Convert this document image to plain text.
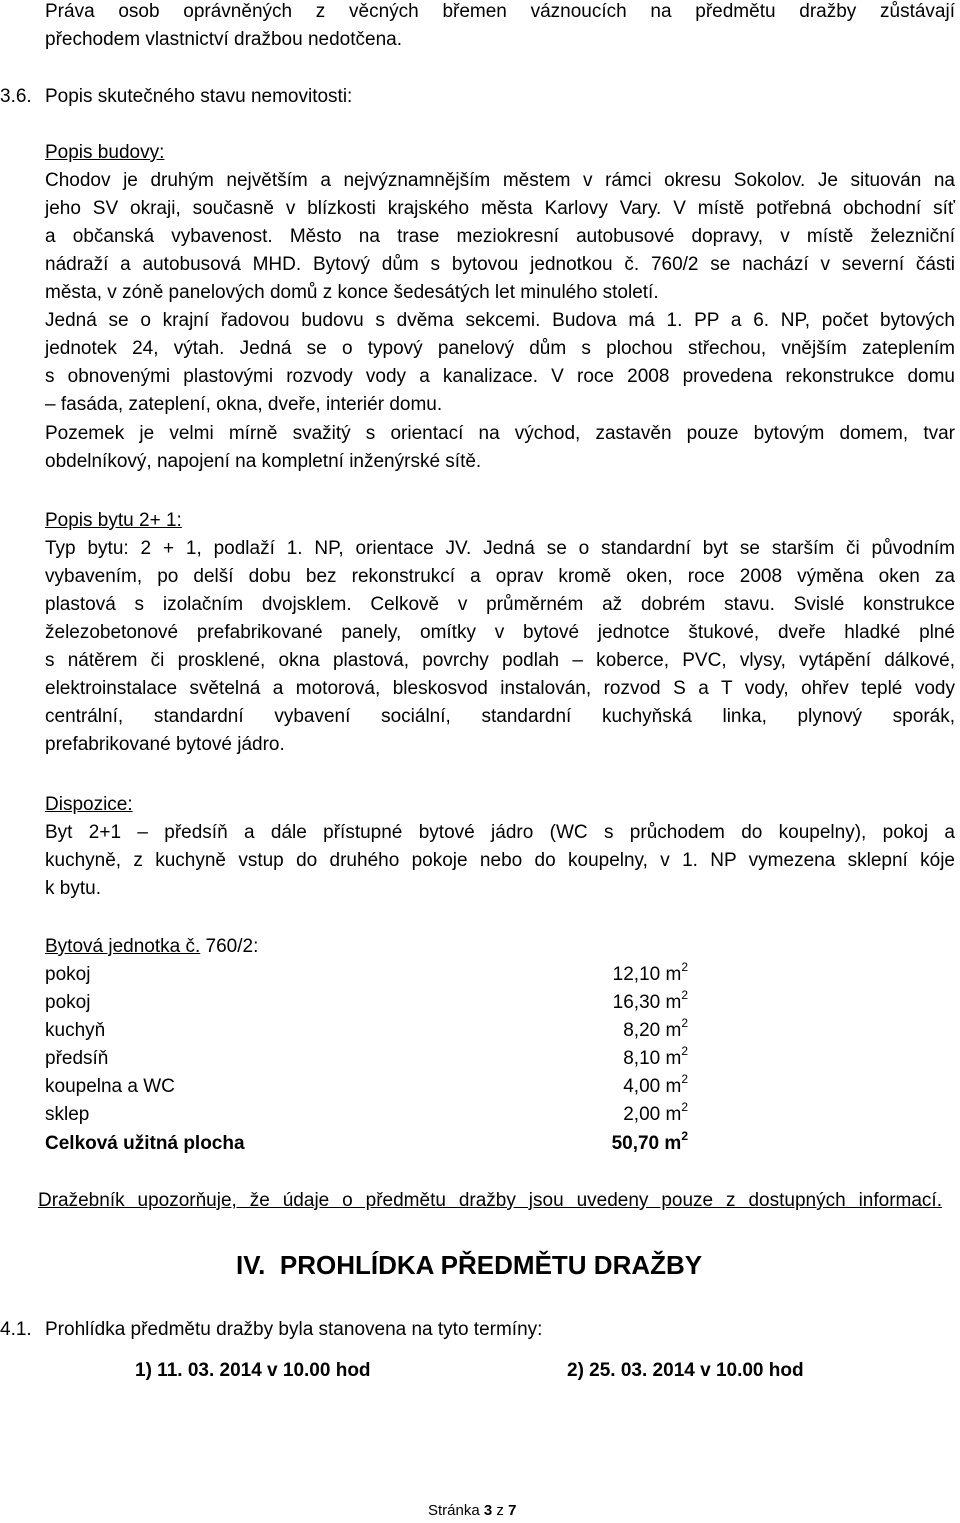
Práva osob oprávněných z věcných břemen váznoucích na předmětu dražby zůstávají
přechodem vlastnictví dražbou nedotčena.
3.6. Popis skutečného stavu nemovitosti:
Popis budovy:
Chodov je druhým největším a nejvýznamnějším městem v rámci okresu Sokolov. Je situován na
jeho SV okraji, současně v blízkosti krajského města Karlovy Vary. V místě potřebná obchodní síť
a občanská vybavenost. Město na trase meziokresní autobusové dopravy, v místě železniční
nádraží a autobusová MHD. Bytový dům s bytovou jednotkou č. 760/2 se nachází v severní části
města, v zóně panelových domů z konce šedesátých let minulého století.
Jedná se o krajní řadovou budovu s dvěma sekcemi. Budova má 1. PP a 6. NP, počet bytových
jednotek 24, výtah. Jedná se o typový panelový dům s plochou střechou, vnějším zateplením
s obnovenými plastovými rozvody vody a kanalizace. V roce 2008 provedena rekonstrukce domu
– fasáda, zateplení, okna, dveře, interiér domu.
Pozemek je velmi mírně svažitý s orientací na východ, zastavěn pouze bytovým domem, tvar
obdelníkový, napojení na kompletní inženýrské sítě.
Popis bytu 2+ 1:
Typ bytu: 2 + 1, podlaží 1. NP, orientace JV. Jedná se o standardní byt se starším či původním
vybavením, po delší dobu bez rekonstrukcí a oprav kromě oken, roce 2008 výměna oken za
plastová s izolačním dvojsklem. Celkově v průměrném až dobrém stavu. Svislé konstrukce
železobetonové prefabrikované panely, omítky v bytové jednotce štukové, dveře hladké plné
s nátěrem či prosklené, okna plastová, povrchy podlah – koberce, PVC, vlysy, vytápění dálkové,
elektroinstalace světelná a motorová, bleskosvod instalován, rozvod S a T vody, ohřev teplé vody
centrální, standardní vybavení sociální, standardní kuchyňská linka, plynový sporák,
prefabrikované bytové jádro.
Dispozice:
Byt 2+1 – předsíň a dále přístupné bytové jádro (WC s průchodem do koupelny), pokoj a
kuchyně, z kuchyně vstup do druhého pokoje nebo do koupelny, v 1. NP vymezena sklepní kóje
k bytu.
Bytová jednotka č. 760/2:
pokoj	12,10 $m^2$
pokoj	16,30 $m^2$
kuchyň	8,20 $m^2$
předsíň	8,10 $m^2$
koupelna a WC	4,00 $m^2$
sklep	2,00 $m^2$
Celková užitná plocha	50,70 $m^2$
Dražebník upozorňuje, že údaje o předmětu dražby jsou uvedeny pouze z dostupných informací.
IV. PROHLÍDKA PŘEDMĚTU DRAŽBY
4.1. Prohlídka předmětu dražby byla stanovena na tyto termíny:
1) 11. 03. 2014 v 10.00 hod	2) 25. 03. 2014 v 10.00 hod
Stránka 3 z 7
